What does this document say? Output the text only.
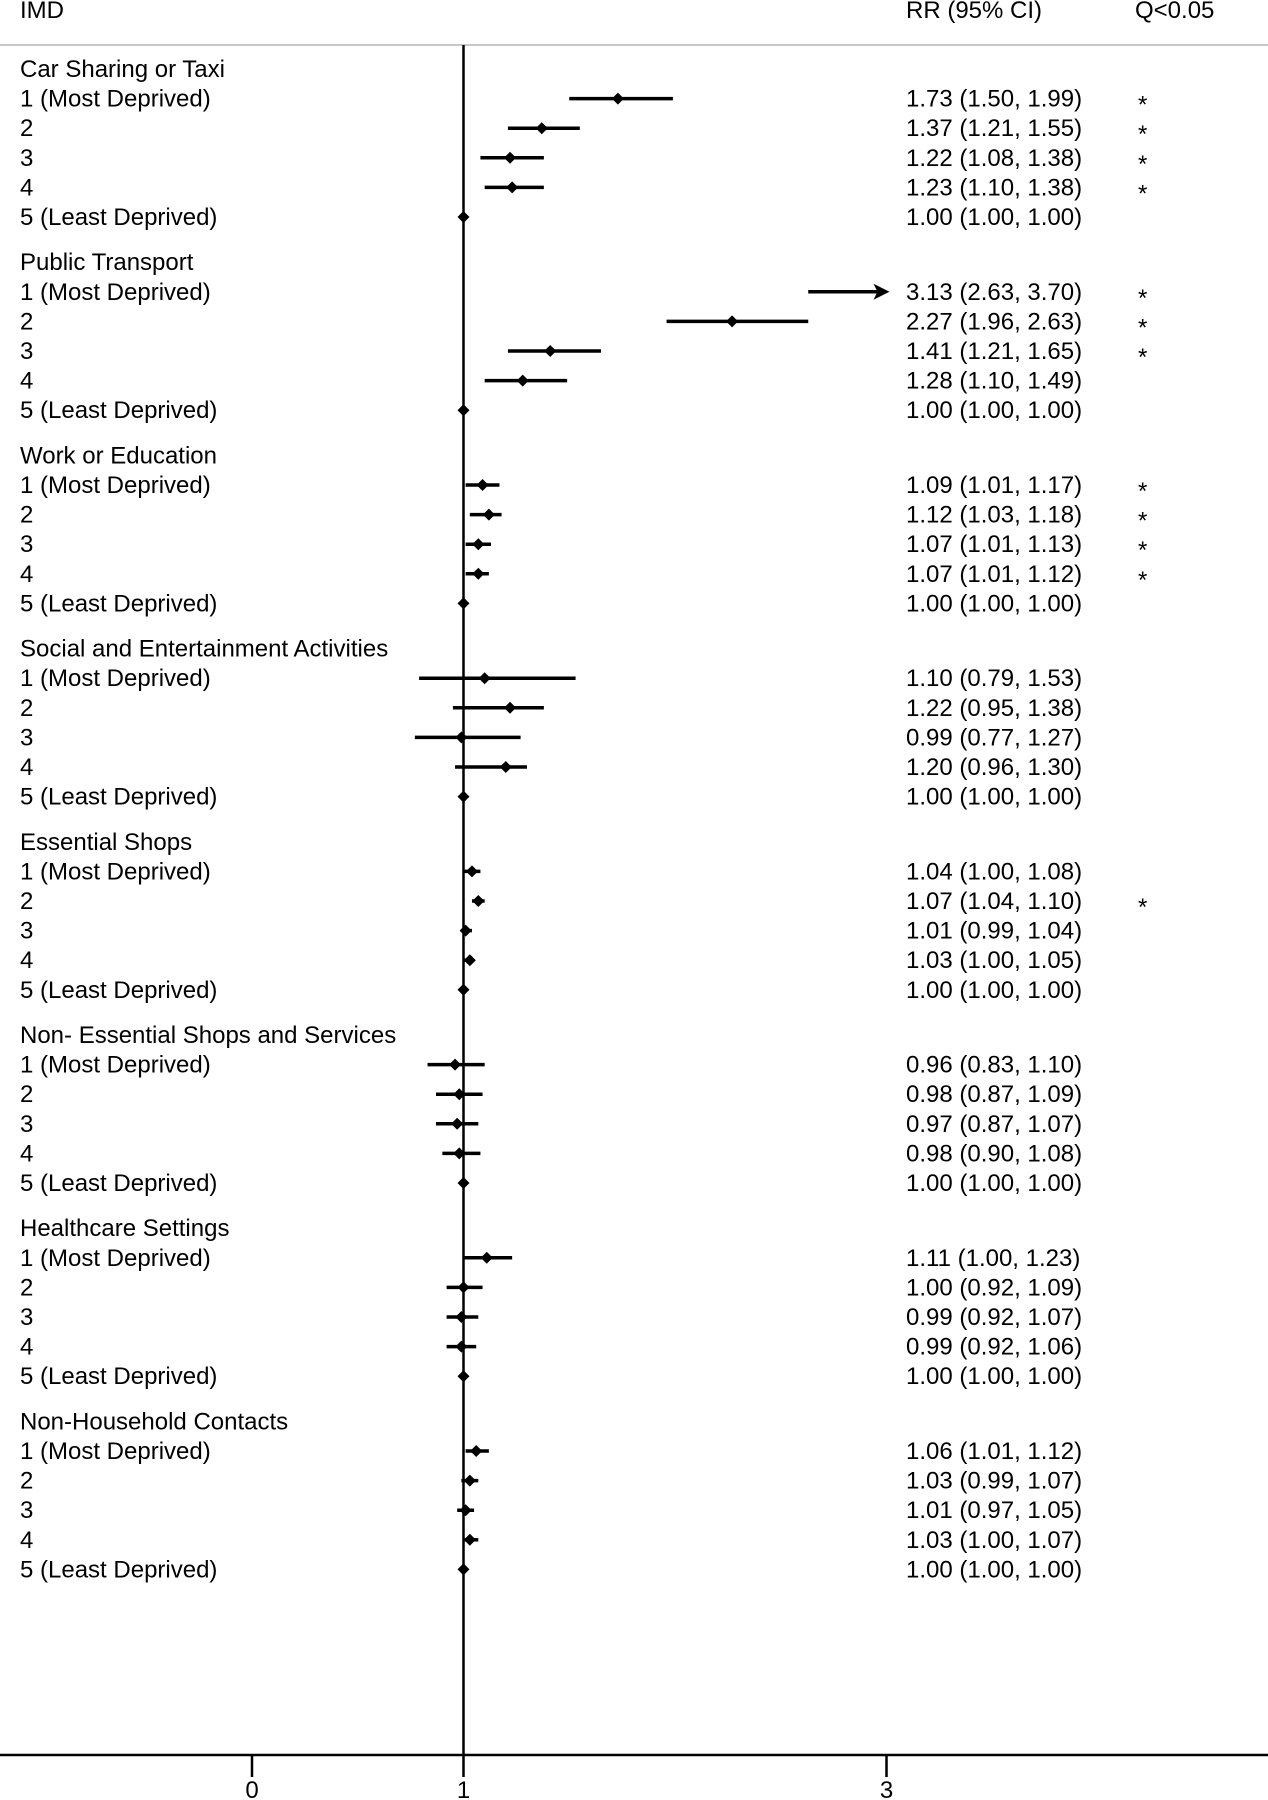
IMD	RR (95% CI)	Q<0.05
Car Sharing or Taxi
1 (Most Deprived)	1.73 (1.50, 1.99) *
2	1.37 (1.21, 1.55) *
3	1.22 (1.08, 1.38) *
4	1.23 (1.10, 1.38) *
5 (Least Deprived)	1.00 (1.00, 1.00)
Public Transport
1 (Most Deprived)	3.13 (2.63, 3.70) *
2	2.27 (1.96, 2.63) *
3	1.41 (1.21, 1.65) *
4	1.28 (1.10, 1.49)
5 (Least Deprived)	1.00 (1.00, 1.00)
Work or Education
1 (Most Deprived)	1.09 (1.01, 1.17) *
2	1.12 (1.03, 1.18) *
3	1.07 (1.01, 1.13) *
4	1.07 (1.01, 1.12) *
5 (Least Deprived)	1.00 (1.00, 1.00)
Social and Entertainment Activities
1 (Most Deprived)	1.10 (0.79, 1.53)
2	1.22 (0.95, 1.38)
3	0.99 (0.77, 1.27)
4	1.20 (0.96, 1.30)
5 (Least Deprived)	1.00 (1.00, 1.00)
Essential Shops
1 (Most Deprived)	1.04 (1.00, 1.08)
2	1.07 (1.04, 1.10) *
3	1.01 (0.99, 1.04)
4	1.03 (1.00, 1.05)
5 (Least Deprived)	1.00 (1.00, 1.00)
Non- Essential Shops and Services
1 (Most Deprived)	0.96 (0.83, 1.10)
2	0.98 (0.87, 1.09)
3	0.97 (0.87, 1.07)
4	0.98 (0.90, 1.08)
5 (Least Deprived)	1.00 (1.00, 1.00)
Healthcare Settings
1 (Most Deprived)	1.11 (1.00, 1.23)
2	1.00 (0.92, 1.09)
3	0.99 (0.92, 1.07)
4	0.99 (0.92, 1.06)
5 (Least Deprived)	1.00 (1.00, 1.00)
Non-Household Contacts
1 (Most Deprived)	1.06 (1.01, 1.12)
2	1.03 (0.99, 1.07)
3	1.01 (0.97, 1.05)
4	1.03 (1.00, 1.07)
5 (Least Deprived)	1.00 (1.00, 1.00)
0	1	3
